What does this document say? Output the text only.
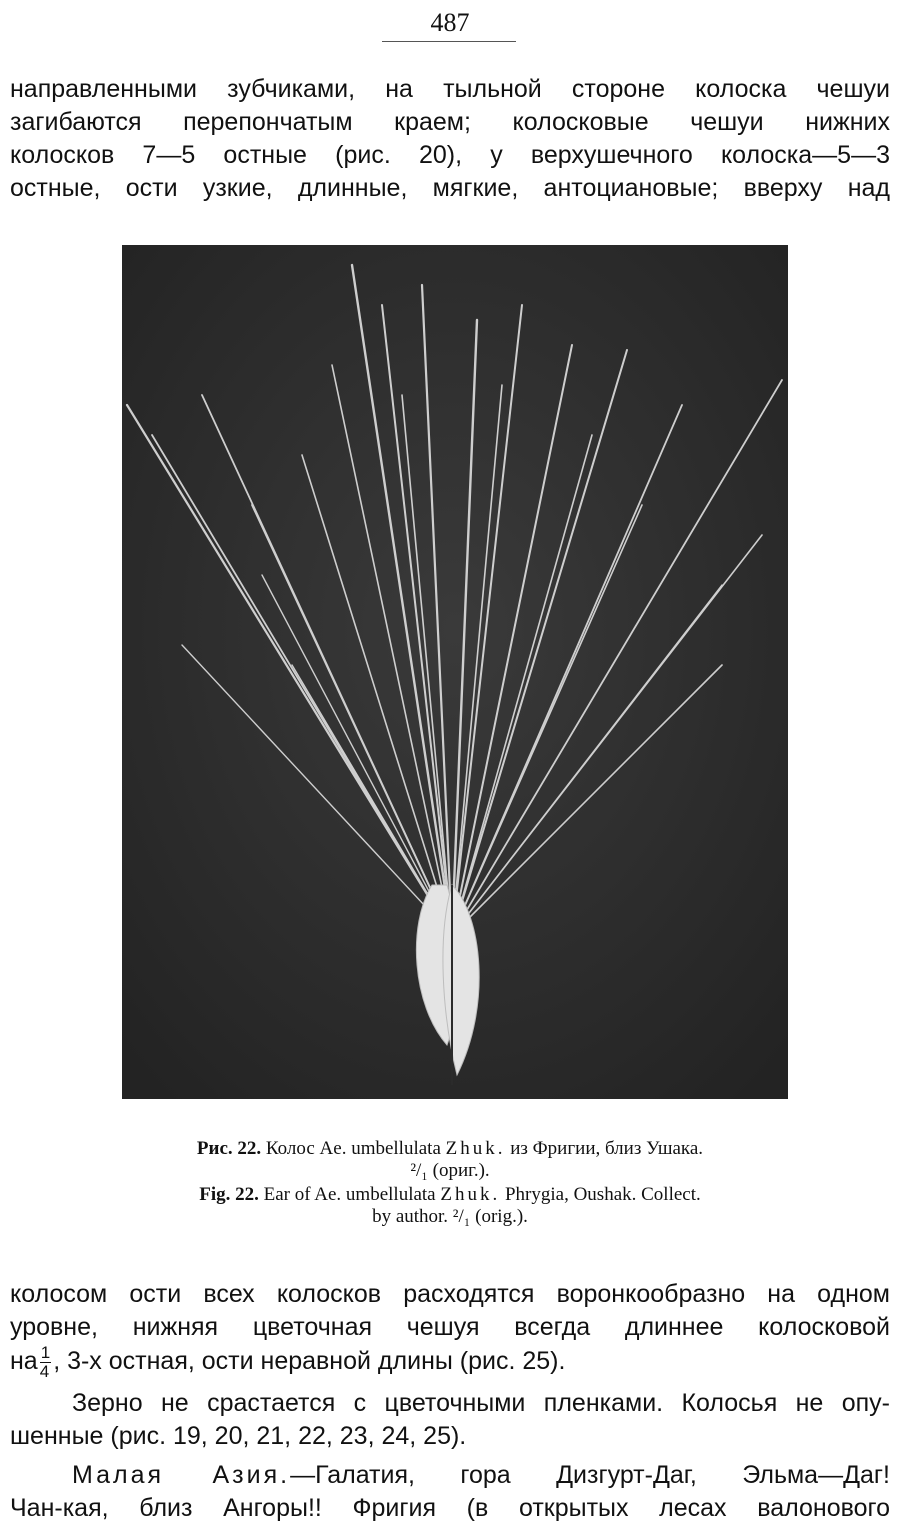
487
направленными зубчиками, на тыльной стороне колоска чешуи
загибаются перепончатым краем; колосковые чешуи нижних
колосков 7—5 остные (рис. 20), у верхушечного колоска—5—3
остные, ости узкие, длинные, мягкие, антоциановые; вверху над
Рис. 22. Колос Ae. umbellulata Zhuk. из Фригии, близ Ушака.
²/₁ (ориг.).
Fig. 22. Ear of Ae. umbellulata Zhuk. Phrygia, Oushak. Collect.
by author. ²/₁ (orig.).
колосом ости всех колосков расходятся воронкообразно на одном
уровне, нижняя цветочная чешуя всегда длиннее колосковой
на $\frac{1}{4}$ , 3-х остная, ости неравной длины (рис. 25).
Зерно не срастается с цветочными пленками. Колосья не опу-
шенные (рис. 19, 20, 21, 22, 23, 24, 25).
Малая Азия.—Галатия, гора Дизгурт-Даг, Эльма—Даг!
Чан-кая, близ Ангоры!! Фригия (в открытых лесах валонового
